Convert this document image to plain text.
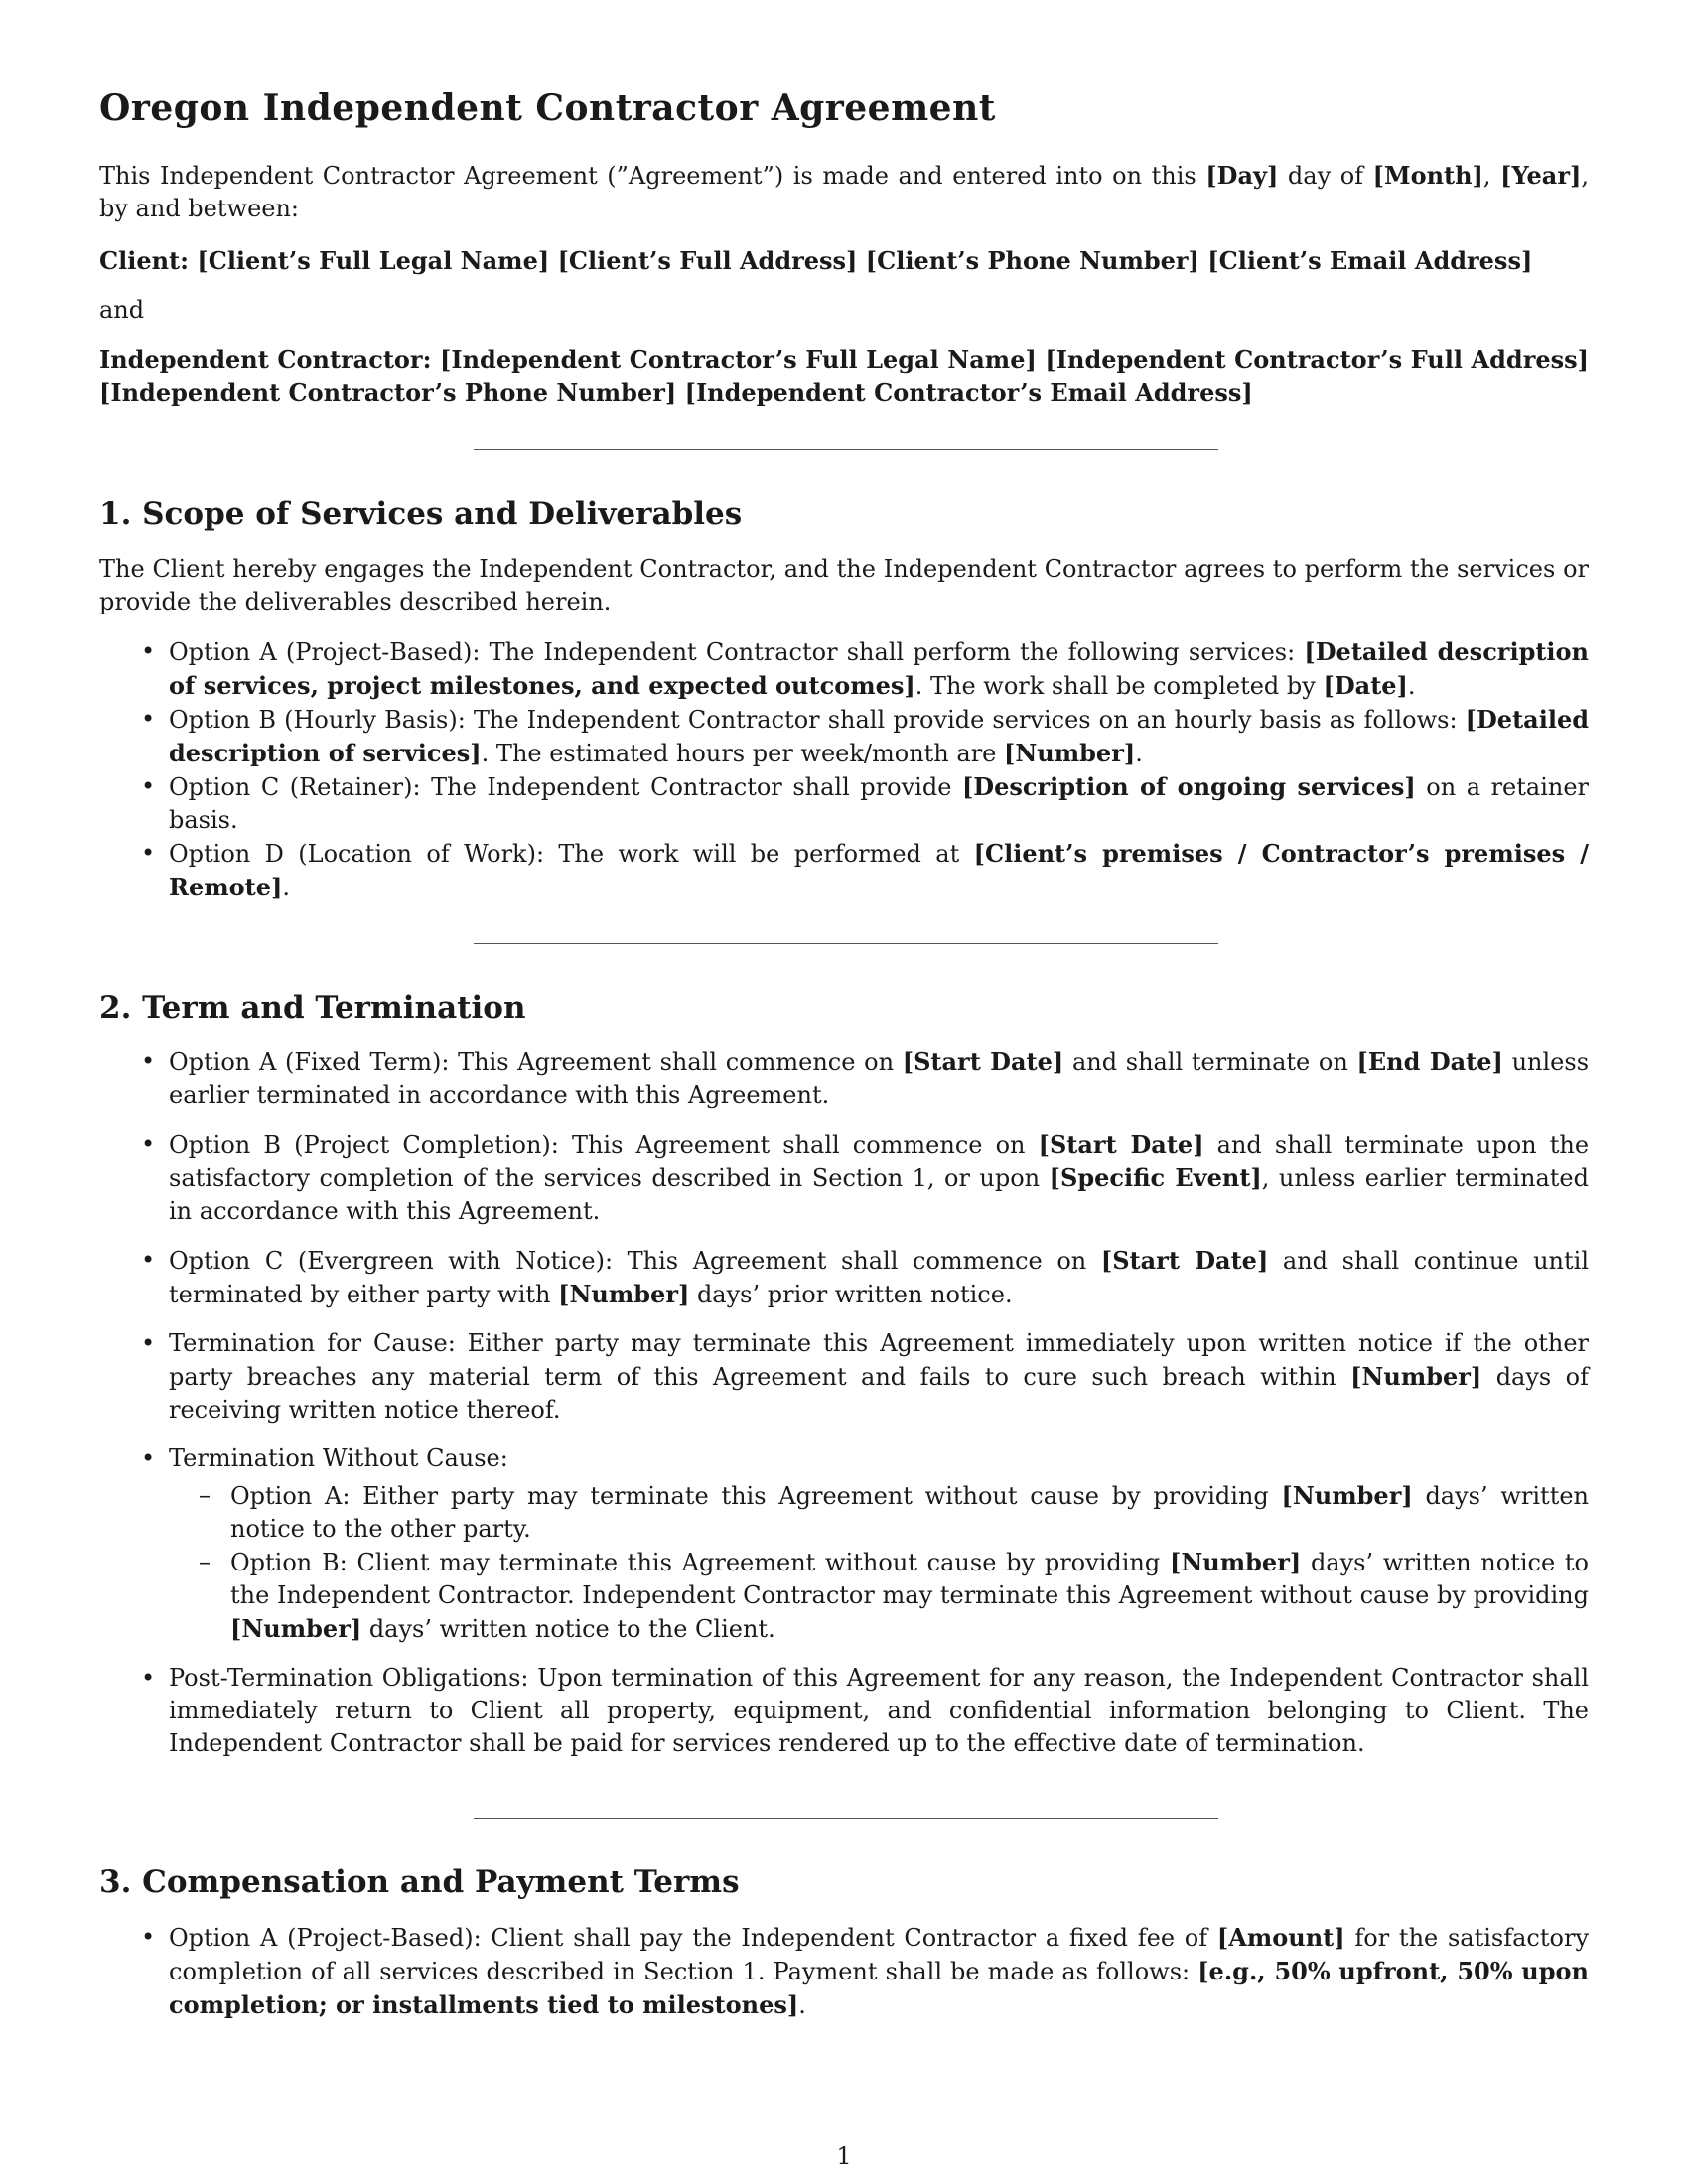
Oregon Independent Contractor Agreement

This Independent Contractor Agreement (”Agreement”) is made and entered into on this [Day] day of [Month], [Year], by and between:

Client: [Client’s Full Legal Name] [Client’s Full Address] [Client’s Phone Number] [Client’s Email Address]

and

Independent Contractor: [Independent Contractor’s Full Legal Name] [Independent Contractor’s Full Address] [Independent Contractor’s Phone Number] [Independent Contractor’s Email Address]

1. Scope of Services and Deliverables

The Client hereby engages the Independent Contractor, and the Independent Contractor agrees to perform the services or provide the deliverables described herein.

• Option A (Project-Based): The Independent Contractor shall perform the following services: [Detailed description of services, project milestones, and expected outcomes]. The work shall be completed by [Date].
• Option B (Hourly Basis): The Independent Contractor shall provide services on an hourly basis as follows: [Detailed description of services]. The estimated hours per week/month are [Number].
• Option C (Retainer): The Independent Contractor shall provide [Description of ongoing services] on a retainer basis.
• Option D (Location of Work): The work will be performed at [Client’s premises / Contractor’s premises / Remote].
2. Term and Termination
• Option A (Fixed Term): This Agreement shall commence on [Start Date] and shall terminate on [End Date] unless earlier terminated in accordance with this Agreement.
• Option B (Project Completion): This Agreement shall commence on [Start Date] and shall terminate upon the satisfactory completion of the services described in Section 1, or upon [Specific Event], unless earlier terminated in accordance with this Agreement.
• Option C (Evergreen with Notice): This Agreement shall commence on [Start Date] and shall continue until terminated by either party with [Number] days’ prior written notice.
• Termination for Cause: Either party may terminate this Agreement immediately upon written notice if the other party breaches any material term of this Agreement and fails to cure such breach within [Number] days of receiving written notice thereof.
• Termination Without Cause:
– Option A: Either party may terminate this Agreement without cause by providing [Number] days’ written notice to the other party.
– Option B: Client may terminate this Agreement without cause by providing [Number] days’ written notice to the Independent Contractor. Independent Contractor may terminate this Agreement without cause by providing [Number] days’ written notice to the Client.
• Post-Termination Obligations: Upon termination of this Agreement for any reason, the Independent Contractor shall immediately return to Client all property, equipment, and confidential information belonging to Client. The Independent Contractor shall be paid for services rendered up to the effective date of termination.
3. Compensation and Payment Terms
• Option A (Project-Based): Client shall pay the Independent Contractor a fixed fee of [Amount] for the satisfactory completion of all services described in Section 1. Payment shall be made as follows: [e.g., 50% upfront, 50% upon completion; or installments tied to milestones].
1
